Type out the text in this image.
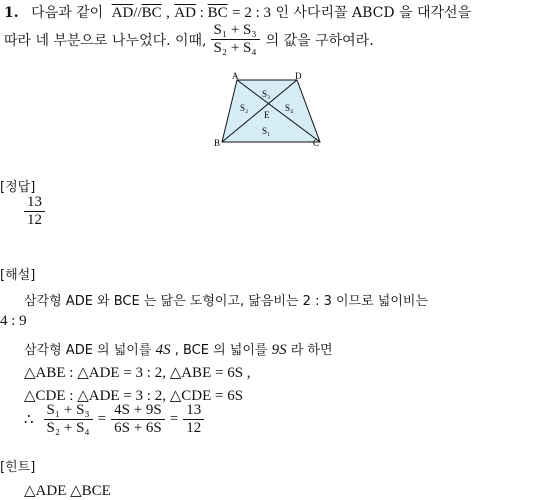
1. 다음과 같이 $\overline{AD}//\overline{BC}$ , $\overline{AD}$ : $\overline{BC} = 2$ : 3 인 사다리꼴 ABCD 을 대각선을
따라 네 부분으로 나누었다. 이때, $\frac{\text{S₁ + S₃}}{\text{S₂ + S₄}}$ 의 값을 구하여라.
A	D
B	C
E
S₃
S₂	S₄
S₁
[정답]
$\frac{13}{12}$
[해설]
삼각형 ADE 와 BCE 는 닮은 도형이고, 닮음비는 2 : 3 이므로 넓이비는
4 : 9
삼각형 ADE 의 넓이를 4S , BCE 의 넓이를 9S 라 하면
△ABE : △ADE = 3 : 2, △ABE = 6S ,
△CDE : △ADE = 3 : 2, △CDE = 6S
∴ $\frac{\text{S₁ + S₃}}{\text{S₂ + S₄}} = \frac{4S + 9S}{6S + 6S} = \frac{13}{12}$
[힌트]
△ADE △BCE
